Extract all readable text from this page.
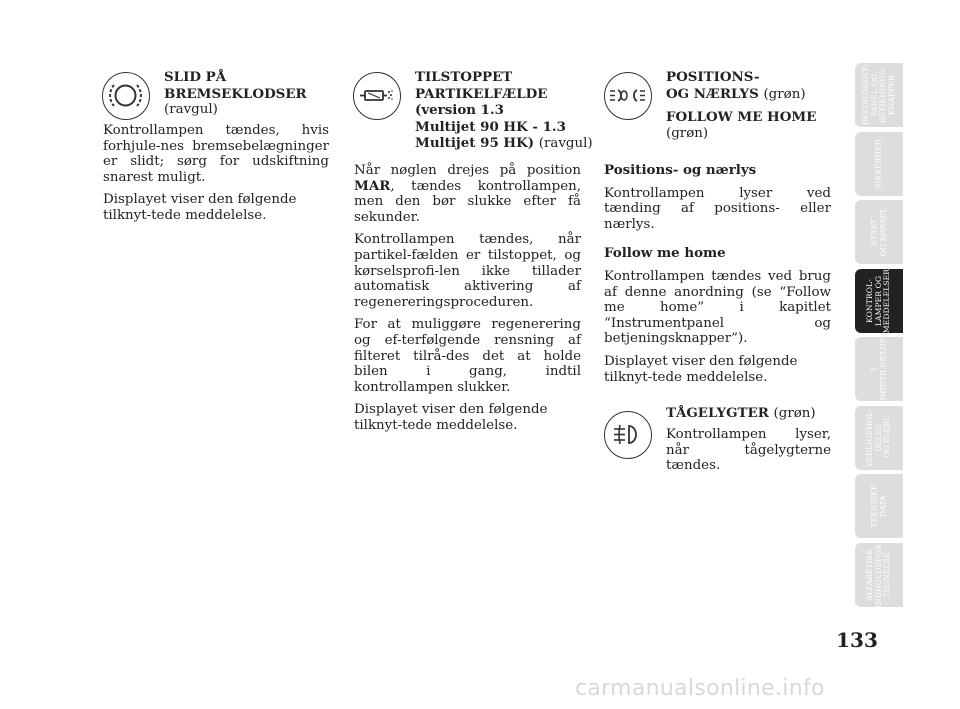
SLID PÅ
BREMSEKLODSER
(ravgul)

Kontrollampen tændes, hvis forhjule-nes bremsebelægninger er slidt; sørg for udskiftning snarest muligt.

Displayet viser den følgende tilknyt-tede meddelelse.

TILSTOPPET
PARTIKELFÆLDE
(version 1.3
Multijet 90 HK - 1.3
Multijet 95 HK) (ravgul)

Når nøglen drejes på position MAR, tændes kontrollampen, men den bør slukke efter få sekunder.

Kontrollampen tændes, når partikel-fælden er tilstoppet, og kørselsprofi-len ikke tillader automatisk aktivering af regenereringsproceduren.

For at muliggøre regenerering og ef-terfølgende rensning af filteret tilrå-des det at holde bilen i gang, indtil kontrollampen slukker.

Displayet viser den følgende tilknyt-tede meddelelse.

POSITIONS-
OG NÆRLYS (grøn)
FOLLOW ME HOME
(grøn)

Positions- og nærlys

Kontrollampen lyser ved tænding af positions- eller nærlys.

Follow me home

Kontrollampen tændes ved brug af denne anordning (se “Follow me home” i kapitlet “Instrumentpanel og betjeningsknapper”).

Displayet viser den følgende tilknyt-tede meddelelse.

TÅGELYGTER (grøn)

Kontrollampen lyser, når tågelygterne tændes.

INSTRUMENT-
PANEL OG
BETJENINGS-
KNAPPER
SIKKERHED
START
OG KØRSEL
KONTROL-
LAMPER OG
MEDDELELSER
I
NØDTILFÆLDE
VEDLIGEHOL-
DELSE
OG PLEJE
TEKNISKE
DATA
ALFABETISK
INDHOLDSFOR-
TEGNELSE
133
carmanualsonline.info
